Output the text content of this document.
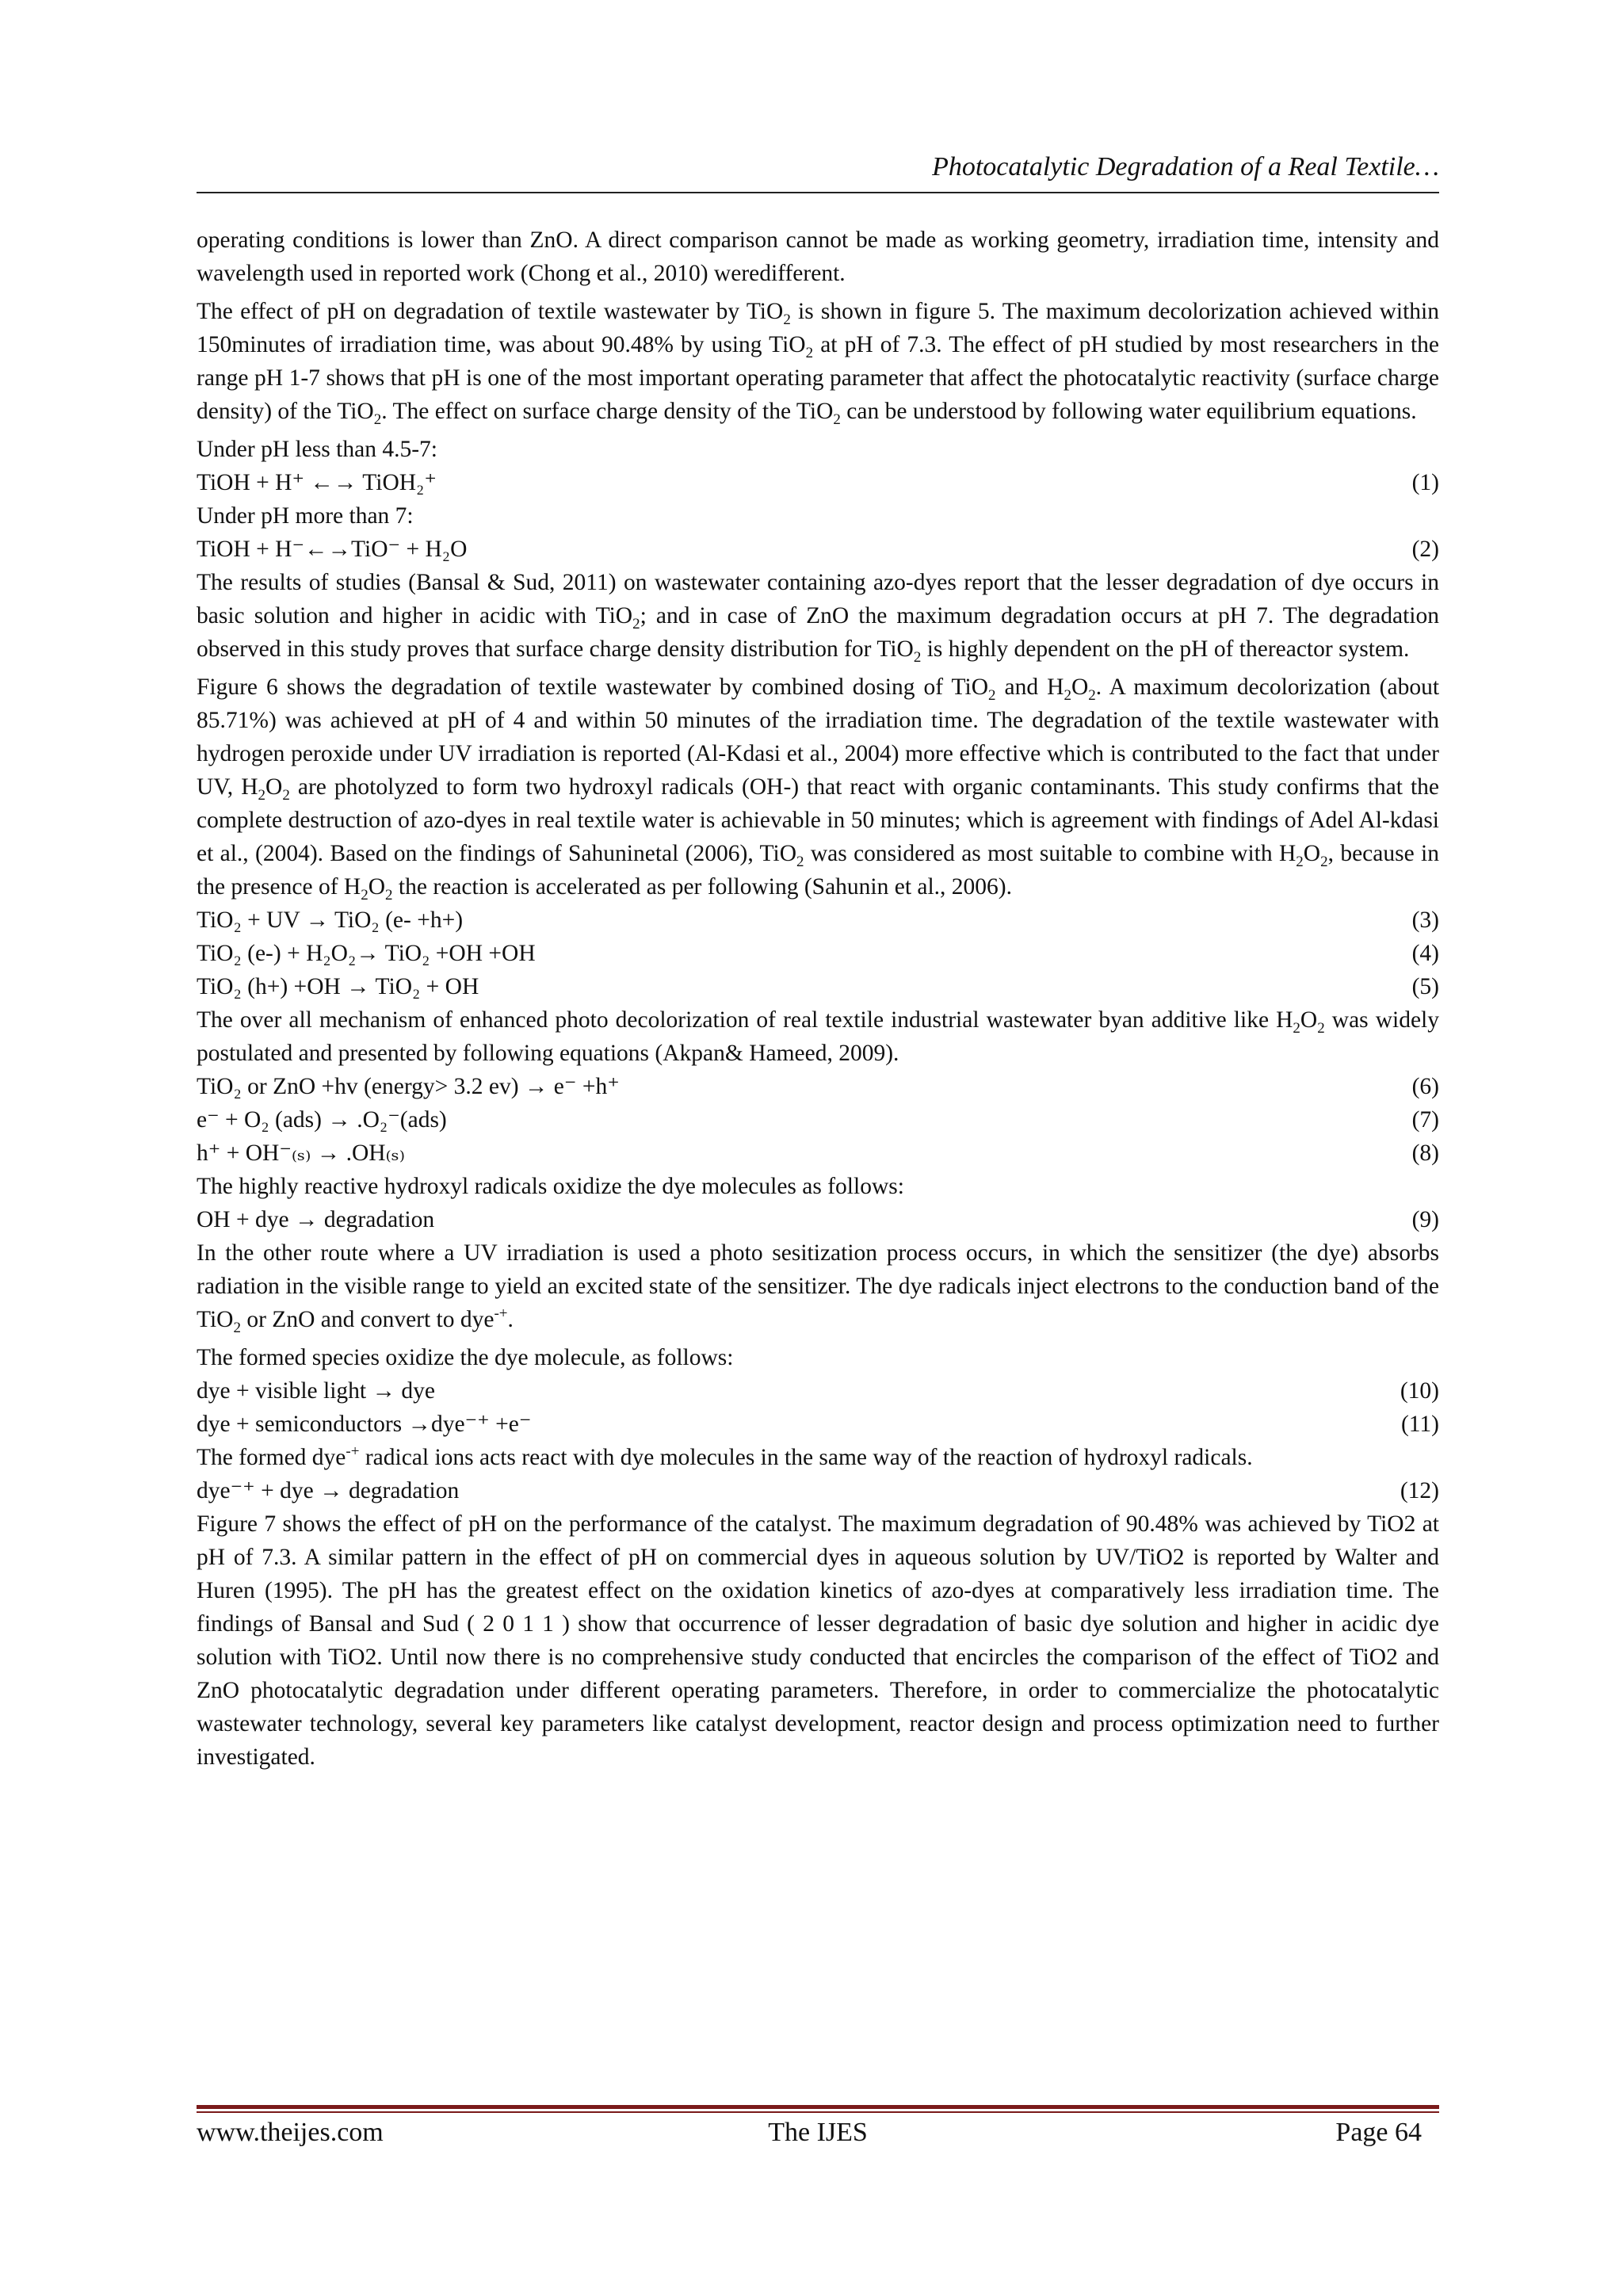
Photocatalytic Degradation of a Real Textile…

operating conditions is lower than ZnO. A direct comparison cannot be made as working geometry, irradiation time, intensity and wavelength used in reported work (Chong et al., 2010) weredifferent.

The effect of pH on degradation of textile wastewater by TiO$_2$ is shown in figure 5. The maximum decolorization achieved within 150minutes of irradiation time, was about 90.48% by using TiO$_2$ at pH of 7.3. The effect of pH studied by most researchers in the range pH 1-7 shows that pH is one of the most important operating parameter that affect the photocatalytic reactivity (surface charge density) of the TiO$_2$. The effect on surface charge density of the TiO$_2$ can be understood by following water equilibrium equations.

Under pH less than 4.5-7:

TiOH + H⁺ ←→ TiOH₂⁺	(1)

Under pH more than 7:

TiOH + H⁻←→TiO⁻ + H₂O	(2)

The results of studies (Bansal & Sud, 2011) on wastewater containing azo-dyes report that the lesser degradation of dye occurs in basic solution and higher in acidic with TiO$_2$; and in case of ZnO the maximum degradation occurs at pH 7. The degradation observed in this study proves that surface charge density distribution for TiO$_2$ is highly dependent on the pH of thereactor system.

Figure 6 shows the degradation of textile wastewater by combined dosing of TiO$_2$ and $H_2O_2$. A maximum decolorization (about 85.71%) was achieved at pH of 4 and within 50 minutes of the irradiation time. The degradation of the textile wastewater with hydrogen peroxide under UV irradiation is reported (Al-Kdasi et al., 2004) more effective which is contributed to the fact that under UV, $H_2O_2$ are photolyzed to form two hydroxyl radicals (OH-) that react with organic contaminants. This study confirms that the complete destruction of azo-dyes in real textile water is achievable in 50 minutes; which is agreement with findings of Adel Al-kdasi et al., (2004). Based on the findings of Sahuninetal (2006), TiO$_2$ was considered as most suitable to combine with $H_2O_2$, because in the presence of $H_2O_2$ the reaction is accelerated as per following (Sahunin et al., 2006).

TiO₂ + UV → TiO₂ (e- +h+)	(3)
TiO₂ (e-) + H₂O₂→ TiO₂ +OH +OH	(4)
TiO₂ (h+) +OH → TiO₂ + OH	(5)

The over all mechanism of enhanced photo decolorization of real textile industrial wastewater byan additive like $H_2O_2$ was widely postulated and presented by following equations (Akpan& Hameed, 2009).

TiO₂ or ZnO +hv (energy> 3.2 ev) → e⁻ +h⁺	(6)
e⁻ + O₂ (ads) → .O₂⁻(ads)	(7)
h⁺ + OH⁻₍ₛ₎ → .OH₍ₛ₎	(8)

The highly reactive hydroxyl radicals oxidize the dye molecules as follows:

OH + dye → degradation	(9)

In the other route where a UV irradiation is used a photo sesitization process occurs, in which the sensitizer (the dye) absorbs radiation in the visible range to yield an excited state of the sensitizer. The dye radicals inject electrons to the conduction band of the TiO$_2$ or ZnO and convert to dye-+.

The formed species oxidize the dye molecule, as follows:

dye + visible light → dye	(10)
dye + semiconductors →dye⁻⁺ +e⁻	(11)

The formed dye-+ radical ions acts react with dye molecules in the same way of the reaction of hydroxyl radicals.

dye⁻⁺ + dye → degradation	(12)

Figure 7 shows the effect of pH on the performance of the catalyst. The maximum degradation of 90.48% was achieved by TiO2 at pH of 7.3. A similar pattern in the effect of pH on commercial dyes in aqueous solution by UV/TiO2 is reported by Walter and Huren (1995). The pH has the greatest effect on the oxidation kinetics of azo-dyes at comparatively less irradiation time. The findings of Bansal and Sud ( 2 0 1 1 ) show that occurrence of lesser degradation of basic dye solution and higher in acidic dye solution with TiO2. Until now there is no comprehensive study conducted that encircles the comparison of the effect of TiO2 and ZnO photocatalytic degradation under different operating parameters. Therefore, in order to commercialize the photocatalytic wastewater technology, several key parameters like catalyst development, reactor design and process optimization need to further investigated.

www.theijes.com	The IJES	Page 64
